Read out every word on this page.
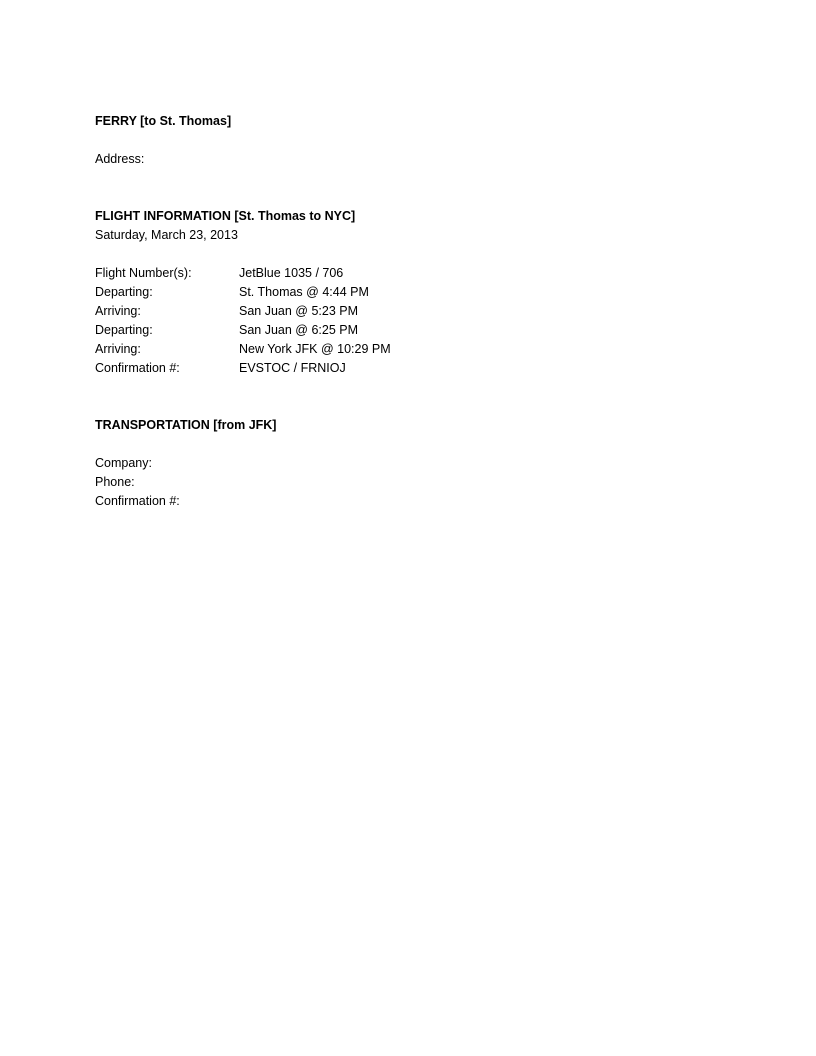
FERRY [to St. Thomas]

Address:

FLIGHT INFORMATION [St. Thomas to NYC]

Saturday, March 23, 2013

Flight Number(s):	JetBlue 1035 / 706
Departing:	St. Thomas @ 4:44 PM
Arriving:	San Juan @ 5:23 PM
Departing:	San Juan @ 6:25 PM
Arriving:	New York JFK @ 10:29 PM
Confirmation #:	EVSTOC / FRNIOJ

TRANSPORTATION [from JFK]

Company:

Phone:

Confirmation #:
